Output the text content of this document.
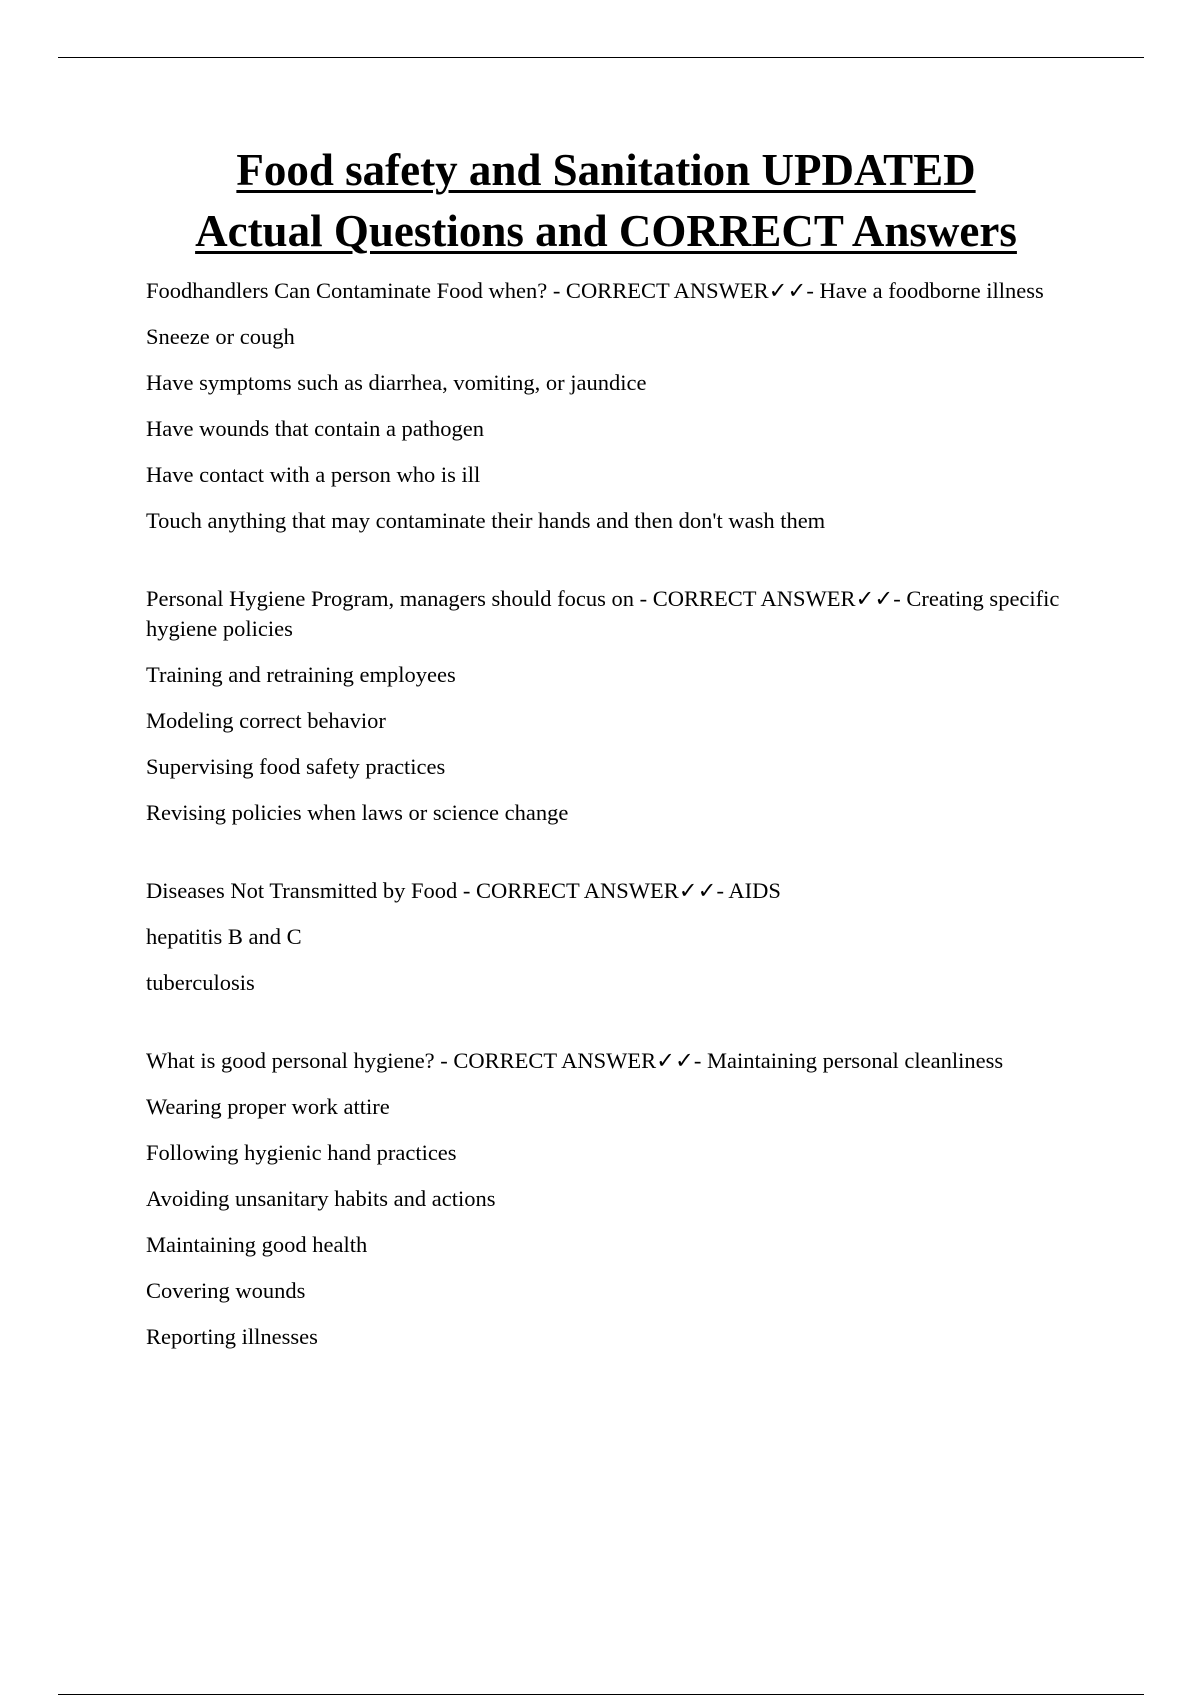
Food safety and Sanitation UPDATED
Actual Questions and CORRECT Answers

Foodhandlers Can Contaminate Food when? - CORRECT ANSWER✓✓- Have a foodborne illness

Sneeze or cough
Have symptoms such as diarrhea, vomiting, or jaundice
Have wounds that contain a pathogen
Have contact with a person who is ill
Touch anything that may contaminate their hands and then don't wash them

Personal Hygiene Program, managers should focus on - CORRECT ANSWER✓✓- Creating specific hygiene policies

Training and retraining employees
Modeling correct behavior
Supervising food safety practices
Revising policies when laws or science change

Diseases Not Transmitted by Food - CORRECT ANSWER✓✓- AIDS

hepatitis B and C
tuberculosis

What is good personal hygiene? - CORRECT ANSWER✓✓- Maintaining personal cleanliness

Wearing proper work attire
Following hygienic hand practices
Avoiding unsanitary habits and actions
Maintaining good health
Covering wounds
Reporting illnesses
